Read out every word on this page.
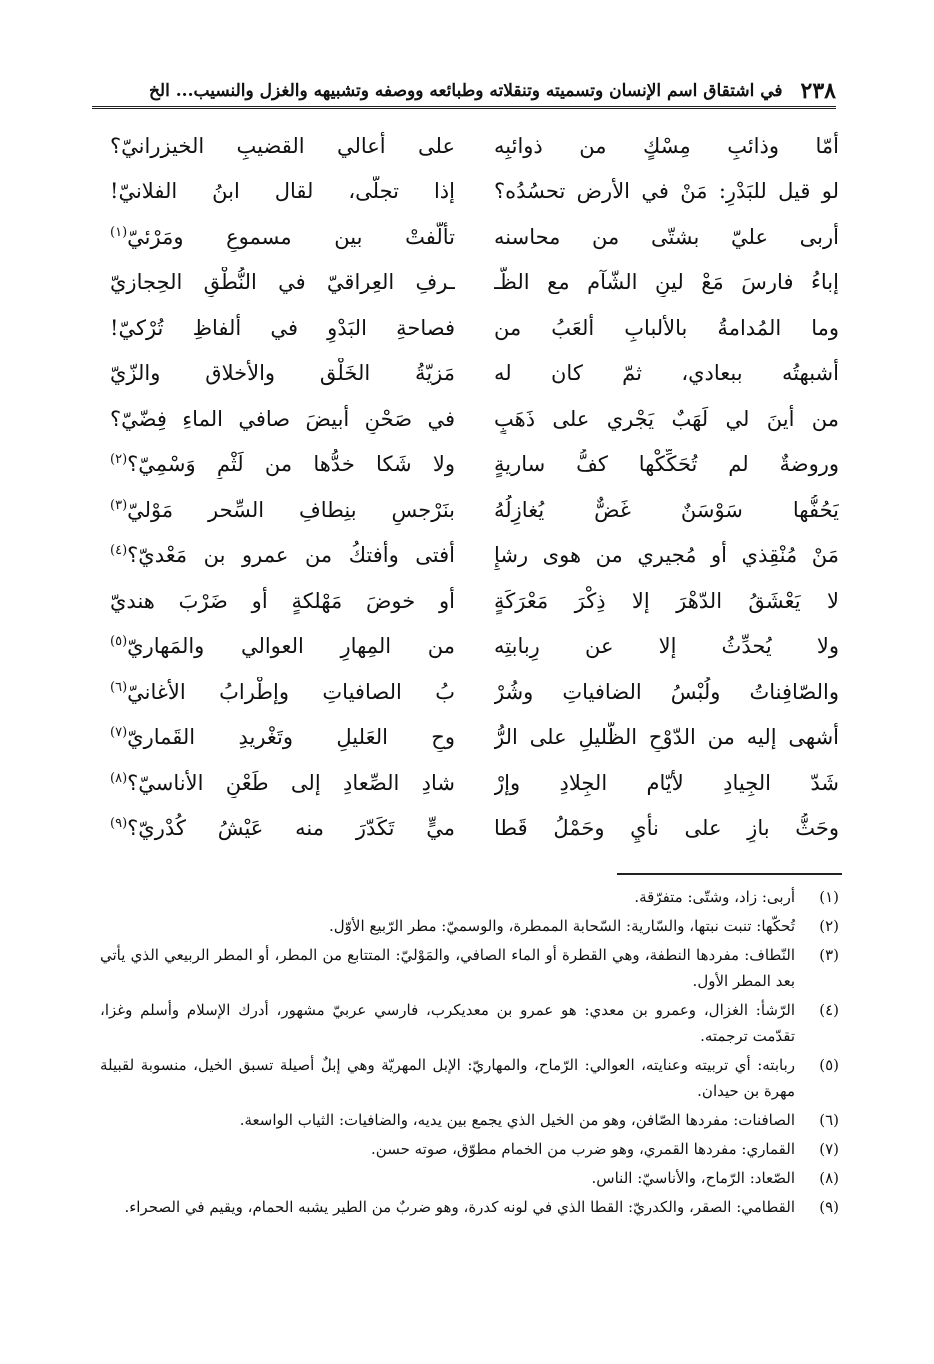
٢٣٨
في اشتقاق اسم الإنسان وتسميته وتنقلاته وطبائعه ووصفه وتشبيهه والغزل والنسيب... الخ
أمّا وذائبِ مِسْكٍ من ذوائبِه
على أعالي القضيبِ الخيزرانيّ؟
لو قيل للبَدْرِ: مَنْ في الأرض تحسُدُه؟
إذا تجلّى، لقال ابنُ الفلانيّ!
أربى عليّ بشتّى من محاسنه
تألّفتْ بين مسموعٍ ومَرْئيّ$^{(١)}$
إباءُ فارسَ مَعْ لينِ الشّآم مع الظّـ
ـرفِ العِراقيّ في النُّطْقِ الحِجازيّ
وما المُدامةُ بالألبابِ ألعَبُ من
فصاحةِ البَدْوِ في ألفاظِ تُرْكيّ!
أشبهتُه ببعادي، ثمّ كان له
مَزيّةُ الخَلْق والأخلاق والزّيّ
من أينَ لي لَهَبٌ يَجْري على ذَهَبٍ
في صَحْنِ أبيضَ صافي الماءِ فِضّيّ؟
وروضةٌ لم تُحَكِّكْها كفُّ ساريةٍ
ولا شَكا خدُّها من لَثْمِ وَسْمِيّ؟$^{(٢)}$
يَحُفُّها سَوْسَنٌ غَضٌّ يُغازِلُهُ
بنَرْجسٍ بنِطافِ السِّحر مَوْليّ$^{(٣)}$
مَنْ مُنْقِذي أو مُجيري من هوى رشإٍ
أفتى وأفتكُ من عمرو بن مَعْديّ؟$^{(٤)}$
لا يَعْشَقُ الدّهْرَ إلا ذِكْرَ مَعْرَكَةٍ
أو خوضَ مَهْلكةٍ أو ضَرْبَ هنديّ
ولا يُحدِّثُ إلا عن رِبابتِه
من المِهارِ العوالي والمَهاريّ$^{(٥)}$
والصّافِناتُ ولُبْسُ الضافياتِ وشُرْ
بُ الصافياتِ وإطْرابُ الأغانيّ$^{(٦)}$
أشهى إليه من الدّوْحِ الظّليلِ على الرُّ
وحِ العَليلِ وتَغْريدِ القَماريّ$^{(٧)}$
شَدّ الجِيادِ لأيّام الجِلادِ وإرْ
شادِ الصِّعادِ إلى طَعْنِ الأناسيّ؟$^{(٨)}$
وحَثُّ بازٍ على نأيٍ وحَمْلُ قَطا
ميٍّ تَكَدّرَ منه عَيْشُ كُدْريّ؟$^{(٩)}$
(١)
أربى: زاد، وشتّى: متفرّقة.
(٢)
تُحكّها: تنبت نبتها، والسّارية: السّحابة الممطرة، والوسميّ: مطر الرّبيع الأوّل.
(٣)
النّطاف: مفردها النطفة، وهي القطرة أو الماء الصافي، والمَوْليّ: المتتابع من المطر، أو المطر الربيعي الذي يأتي بعد المطر الأول.
(٤)
الرّشأ: الغزال، وعمرو بن معدي: هو عمرو بن معديكرب، فارسي عربيّ مشهور، أدرك الإسلام وأسلم وغزا، تقدّمت ترجمته.
(٥)
ربابته: أي تربيته وعنايته، العوالي: الرّماح، والمهاريّ: الإبل المهريّة وهي إبلٌ أصيلة تسبق الخيل، منسوبة لقبيلة مهرة بن حيدان.
(٦)
الصافنات: مفردها الصّافن، وهو من الخيل الذي يجمع بين يديه، والضافيات: الثياب الواسعة.
(٧)
القماري: مفردها القمري، وهو ضرب من الخمام مطوّق، صوته حسن.
(٨)
الصّعاد: الرّماح، والأناسيّ: الناس.
(٩)
القطامي: الصقر، والكدريّ: القطا الذي في لونه كدرة، وهو ضربٌ من الطير يشبه الحمام، ويقيم في الصحراء.
